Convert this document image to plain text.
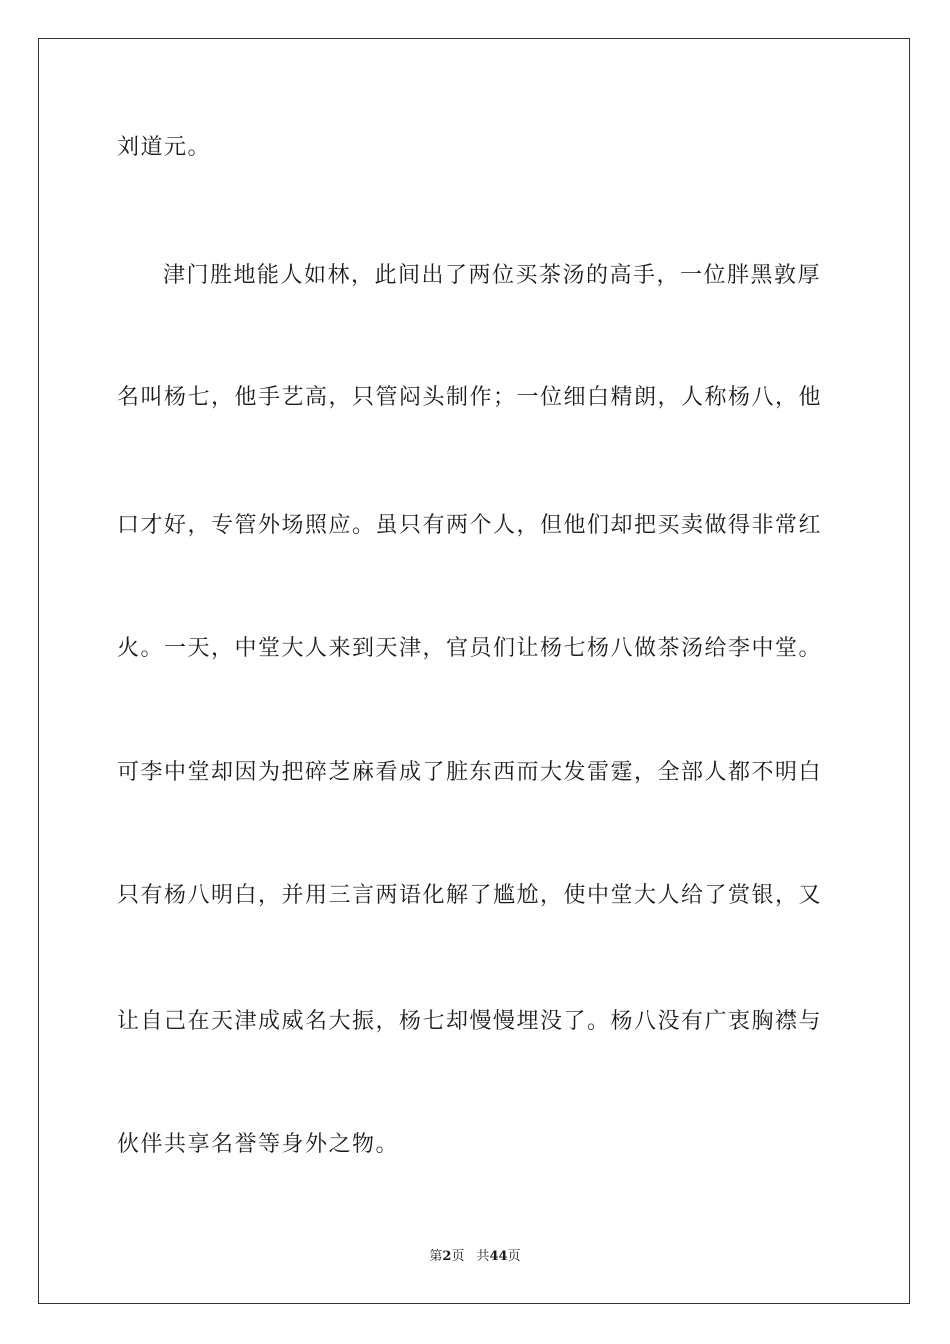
刘道元。
津门胜地能人如林，此间出了两位买茶汤的高手，一位胖黑敦厚
名叫杨七，他手艺高，只管闷头制作；一位细白精朗，人称杨八，他
口才好，专管外场照应。虽只有两个人，但他们却把买卖做得非常红
火。一天，中堂大人来到天津，官员们让杨七杨八做茶汤给李中堂。
可李中堂却因为把碎芝麻看成了脏东西而大发雷霆，全部人都不明白
只有杨八明白，并用三言两语化解了尴尬，使中堂大人给了赏银，又
让自己在天津成威名大振，杨七却慢慢埋没了。杨八没有广衷胸襟与
伙伴共享名誉等身外之物。
第2页 共44页
